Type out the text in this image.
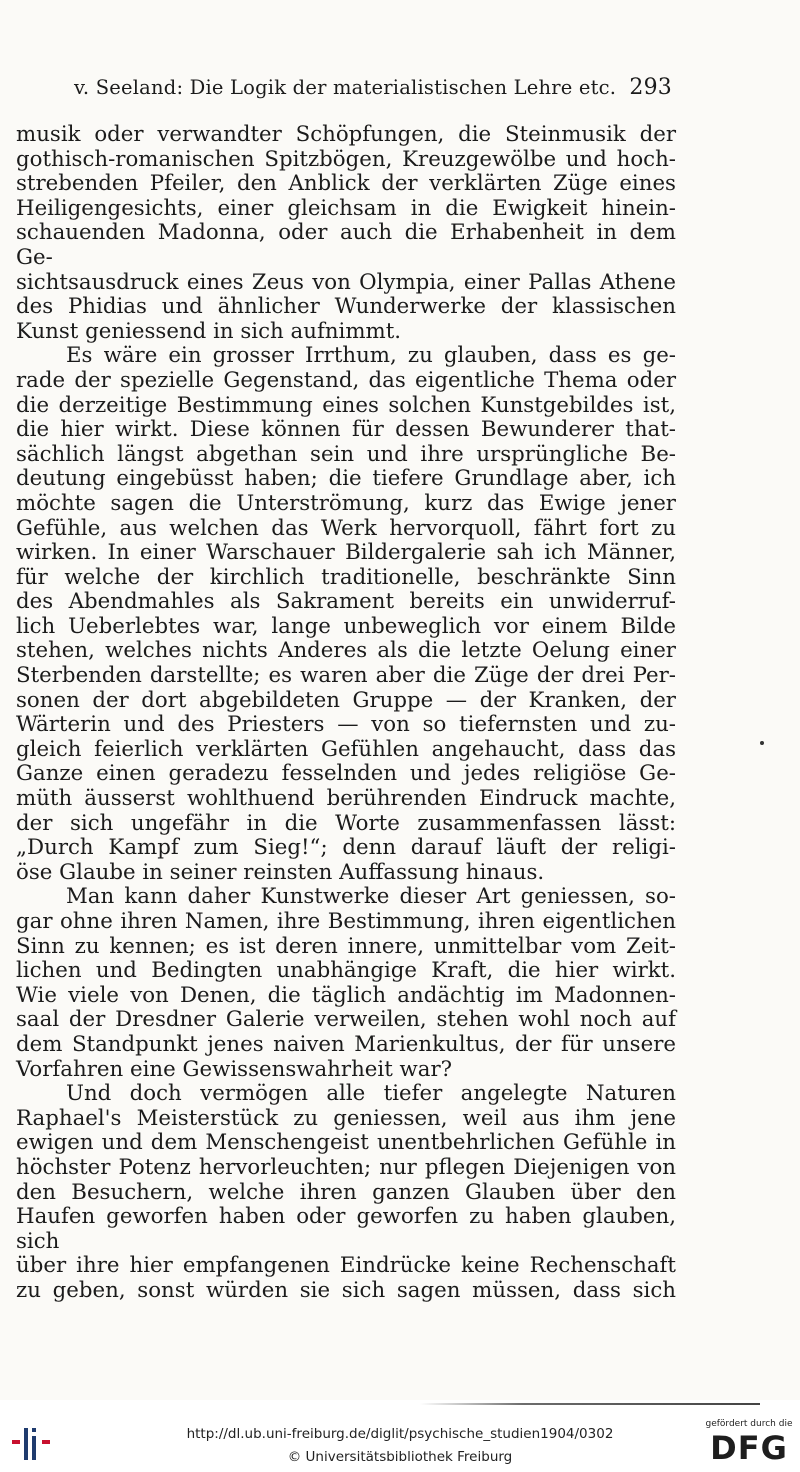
v. Seeland: Die Logik der materialistischen Lehre etc. 293

musik oder verwandter Schöpfungen, die Steinmusik der

gothisch-romanischen Spitzbögen, Kreuzgewölbe und hoch-

strebenden Pfeiler, den Anblick der verklärten Züge eines

Heiligengesichts, einer gleichsam in die Ewigkeit hinein-

schauenden Madonna, oder auch die Erhabenheit in dem Ge-

sichtsausdruck eines Zeus von Olympia, einer Pallas Athene

des Phidias und ähnlicher Wunderwerke der klassischen

Kunst geniessend in sich aufnimmt.

Es wäre ein grosser Irrthum, zu glauben, dass es ge-

rade der spezielle Gegenstand, das eigentliche Thema oder

die derzeitige Bestimmung eines solchen Kunstgebildes ist,

die hier wirkt. Diese können für dessen Bewunderer that-

sächlich längst abgethan sein und ihre ursprüngliche Be-

deutung eingebüsst haben; die tiefere Grundlage aber, ich

möchte sagen die Unterströmung, kurz das Ewige jener

Gefühle, aus welchen das Werk hervorquoll, fährt fort zu

wirken. In einer Warschauer Bildergalerie sah ich Männer,

für welche der kirchlich traditionelle, beschränkte Sinn

des Abendmahles als Sakrament bereits ein unwiderruf-

lich Ueberlebtes war, lange unbeweglich vor einem Bilde

stehen, welches nichts Anderes als die letzte Oelung einer

Sterbenden darstellte; es waren aber die Züge der drei Per-

sonen der dort abgebildeten Gruppe — der Kranken, der

Wärterin und des Priesters — von so tiefernsten und zu-

gleich feierlich verklärten Gefühlen angehaucht, dass das

Ganze einen geradezu fesselnden und jedes religiöse Ge-

müth äusserst wohlthuend berührenden Eindruck machte,

der sich ungefähr in die Worte zusammenfassen lässt:

„Durch Kampf zum Sieg!“; denn darauf läuft der religi-

öse Glaube in seiner reinsten Auffassung hinaus.

Man kann daher Kunstwerke dieser Art geniessen, so-

gar ohne ihren Namen, ihre Bestimmung, ihren eigentlichen

Sinn zu kennen; es ist deren innere, unmittelbar vom Zeit-

lichen und Bedingten unabhängige Kraft, die hier wirkt.

Wie viele von Denen, die täglich andächtig im Madonnen-

saal der Dresdner Galerie verweilen, stehen wohl noch auf

dem Standpunkt jenes naiven Marienkultus, der für unsere

Vorfahren eine Gewissenswahrheit war?

Und doch vermögen alle tiefer angelegte Naturen

Raphael's Meisterstück zu geniessen, weil aus ihm jene

ewigen und dem Menschengeist unentbehrlichen Gefühle in

höchster Potenz hervorleuchten; nur pflegen Diejenigen von

den Besuchern, welche ihren ganzen Glauben über den

Haufen geworfen haben oder geworfen zu haben glauben, sich

über ihre hier empfangenen Eindrücke keine Rechenschaft

zu geben, sonst würden sie sich sagen müssen, dass sich

http://dl.ub.uni-freiburg.de/diglit/psychische_studien1904/0302
© Universitätsbibliothek Freiburg
gefördert durch die
DFG
